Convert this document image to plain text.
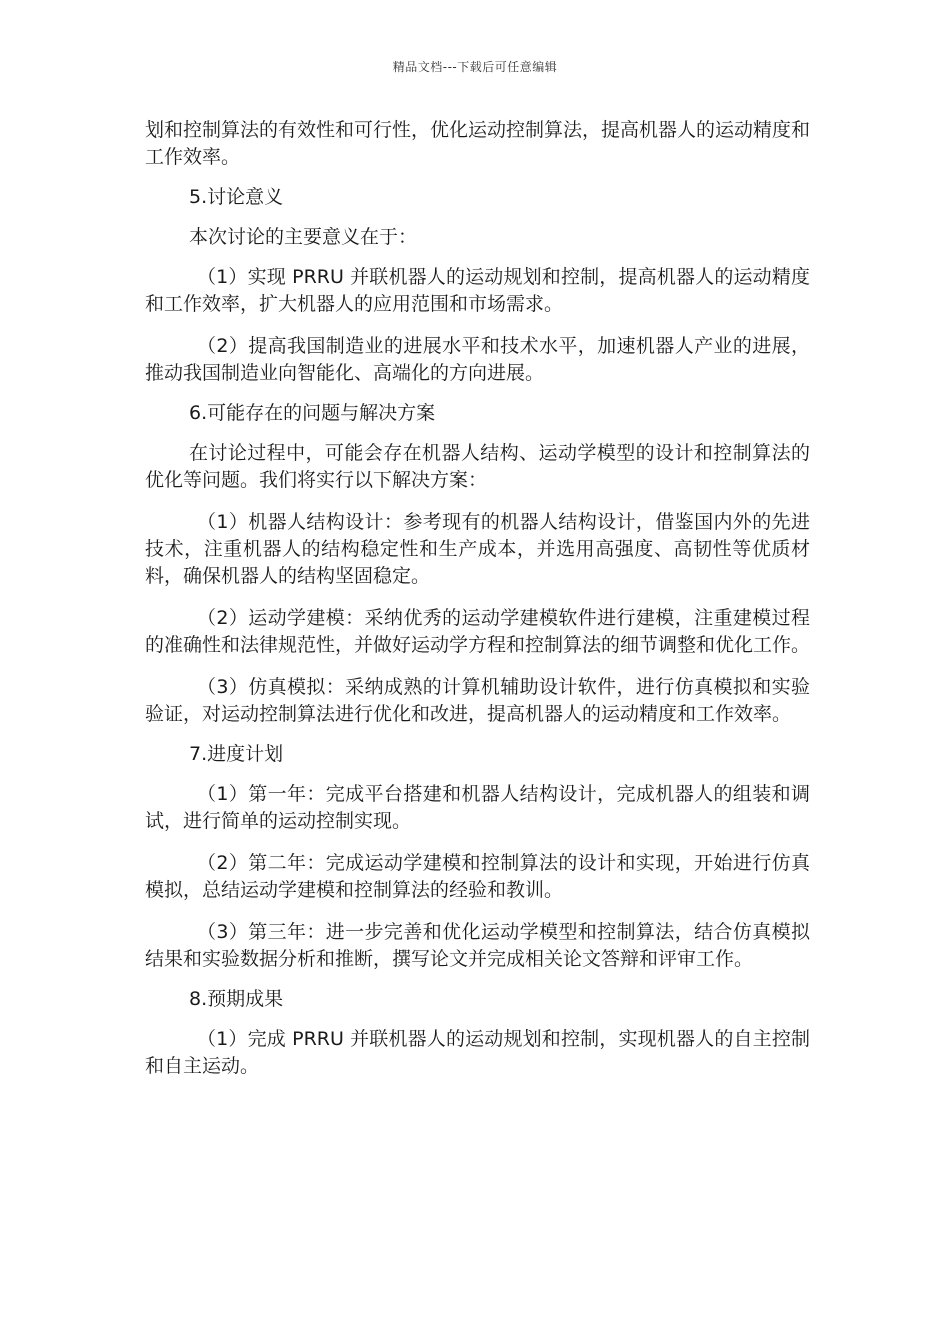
精品文档---下载后可任意编辑

划和控制算法的有效性和可行性，优化运动控制算法，提高机器人的运动精度和工作效率。

5.讨论意义

本次讨论的主要意义在于：

（1）实现 PRRU 并联机器人的运动规划和控制，提高机器人的运动精度和工作效率，扩大机器人的应用范围和市场需求。

（2）提高我国制造业的进展水平和技术水平，加速机器人产业的进展，推动我国制造业向智能化、高端化的方向进展。

6.可能存在的问题与解决方案

在讨论过程中，可能会存在机器人结构、运动学模型的设计和控制算法的优化等问题。我们将实行以下解决方案：

（1）机器人结构设计：参考现有的机器人结构设计，借鉴国内外的先进技术，注重机器人的结构稳定性和生产成本，并选用高强度、高韧性等优质材料，确保机器人的结构坚固稳定。

（2）运动学建模：采纳优秀的运动学建模软件进行建模，注重建模过程的准确性和法律规范性，并做好运动学方程和控制算法的细节调整和优化工作。

（3）仿真模拟：采纳成熟的计算机辅助设计软件，进行仿真模拟和实验验证，对运动控制算法进行优化和改进，提高机器人的运动精度和工作效率。

7.进度计划

（1）第一年：完成平台搭建和机器人结构设计，完成机器人的组装和调试，进行简单的运动控制实现。

（2）第二年：完成运动学建模和控制算法的设计和实现，开始进行仿真模拟，总结运动学建模和控制算法的经验和教训。

（3）第三年：进一步完善和优化运动学模型和控制算法，结合仿真模拟结果和实验数据分析和推断，撰写论文并完成相关论文答辩和评审工作。

8.预期成果

（1）完成 PRRU 并联机器人的运动规划和控制，实现机器人的自主控制和自主运动。
